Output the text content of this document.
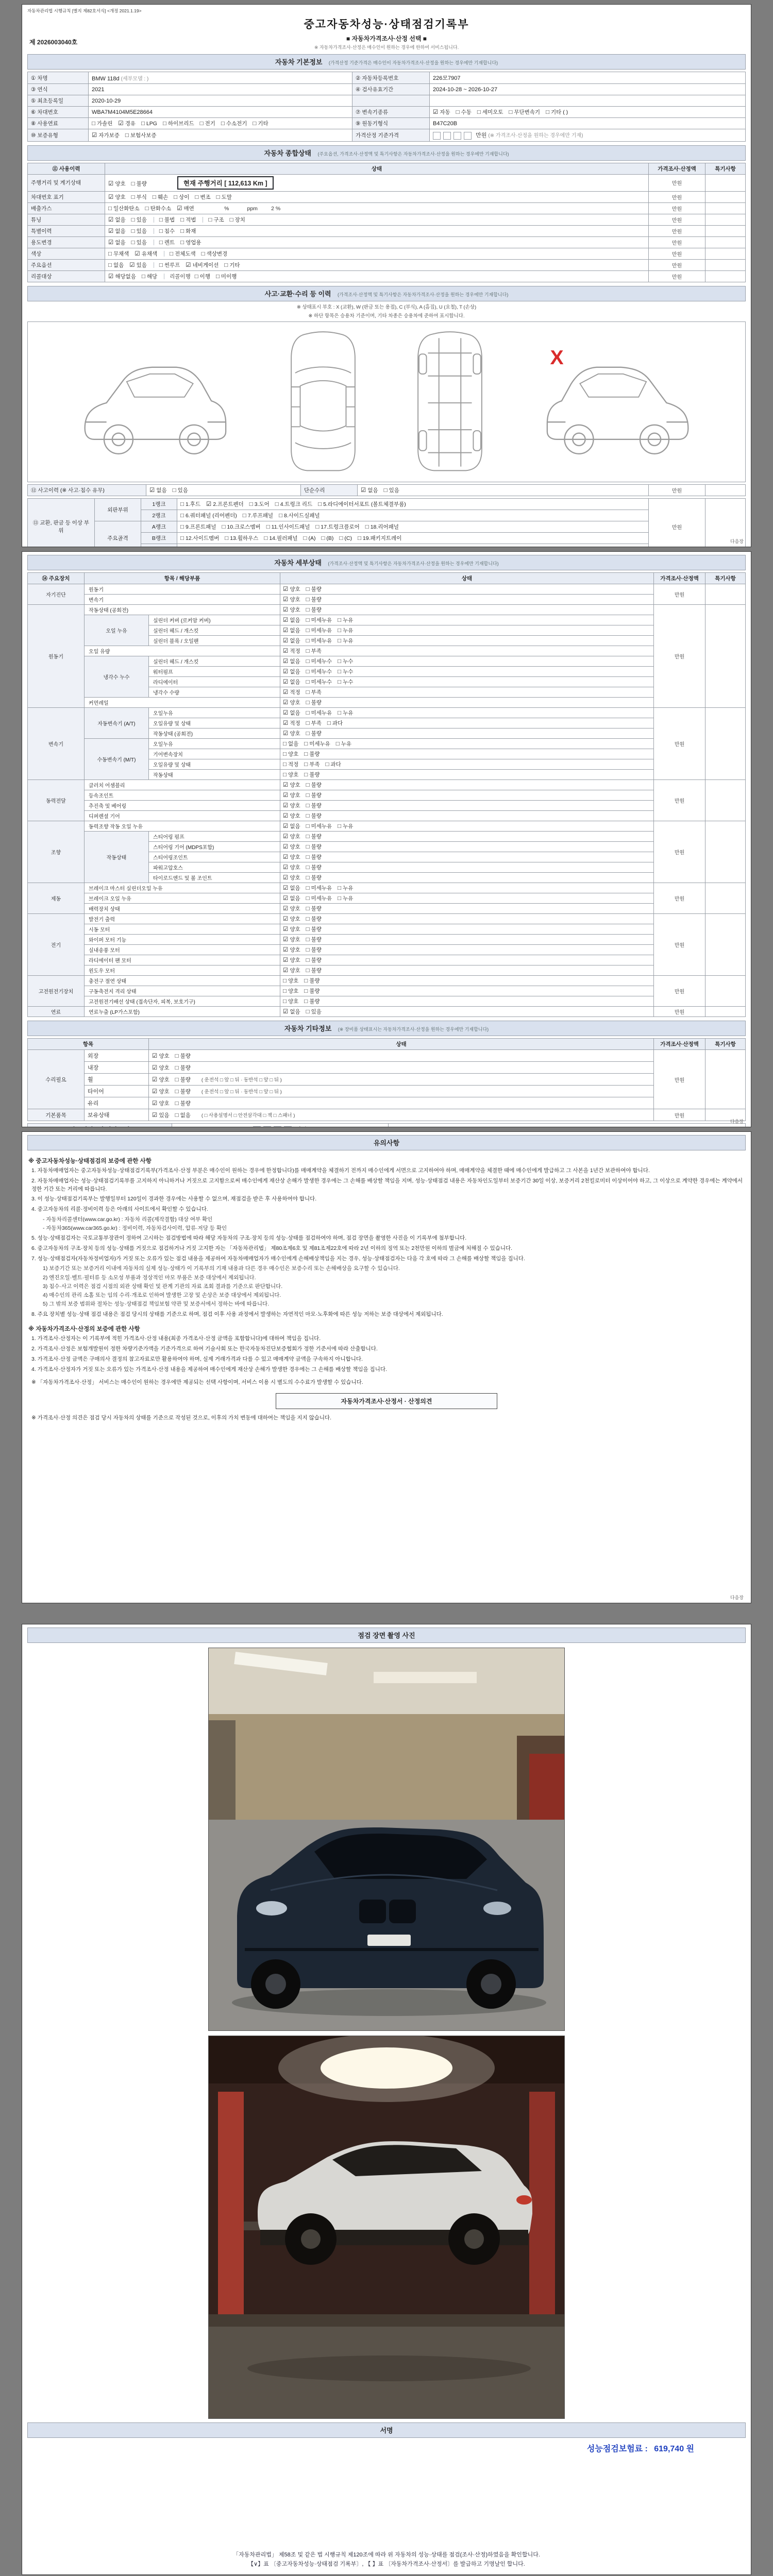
자동차관리법 시행규칙 [별지 제82호서식] <개정 2021.1.19>
중고자동차성능·상태점검기록부
■ 자동차가격조사·산정 선택 ■
※ 자동차가격조사·산정은 매수인이 원하는 경우에 한하여 서비스됩니다.
제 2026003040호
자동차 기본정보 (가격산정 기준가격은 매수인이 자동차가격조사·산정을 원하는 경우에만 기재합니다)
① 차명	BMW 118d (세부모델 : )	② 자동차등록번호	226모7907
③ 연식	2021	④ 검사유효기간	2024-10-28 ~ 2026-10-27
⑤ 최초등록일	2020-10-29		
⑥ 차대번호	WBA7M4104M5E28664	⑦ 변속기종류	☑ 자동 □ 수동 □ 세미오토 □ 무단변속기 □ 기타 ( )
⑧ 사용연료	□ 가솔린 ☑ 경유 □ LPG □ 하이브리드 □ 전기 □ 수소전기 □ 기타	⑨ 원동기형식	B47C20B
⑩ 보증유형	☑ 자가보증 □ 보험사보증	가격산정 기준가격	만원 (※ 가격조사·산정을 원하는 경우에만 기재)
자동차 종합상태 (주요옵션, 가격조사·산정액 및 특기사항은 자동차가격조사·산정을 원하는 경우에만 기재합니다)
⑪ 사용이력	상태	가격조사·산정액	특기사항
주행거리 및 계기상태	☑ 양호 □ 불량 현재 주행거리 [ 112,613 Km ]	만원	
차대번호 표기	☑ 양호 □ 부식 □ 훼손 □ 상이 □ 변조 □ 도말	만원	
배출가스	□ 일산화탄소 □ 탄화수소 ☑ 매연 %            ppm         2 %	만원	
튜닝	☑ 없음 □ 있음 □ 불법 □ 적법 □ 구조 □ 장치	만원	
특별이력	☑ 없음 □ 있음 □ 침수 □ 화재	만원	
용도변경	☑ 없음 □ 있음 □ 렌트 □ 영업용	만원	
색상	□ 무채색 ☑ 유채색 □ 전체도색 □ 색상변경	만원	
주요옵션	□ 없음 ☑ 있음 □ 썬루프 ☑ 네비게이션 □ 기타	만원	
리콜대상	☑ 해당없음 □ 해당 리콜이행 □ 이행 □ 미이행	만원	
사고·교환·수리 등 이력 (가격조사·산정액 및 특기사항은 자동차가격조사·산정을 원하는 경우에만 기재합니다)
※ 상태표시 부호 : X (교환), W (판금 또는 용접), C (부식), A (흠집), U (요철), T (손상)
※ 하단 항목은 승용차 기준이며, 기타 차종은 승용차에 준하여 표시합니다.
X
⑫ 사고이력 (※ 사고·침수 유무)	☑ 없음 □ 있음	단순수리	☑ 없음 □ 있음	만원	
⑬ 교환, 판금 등 이상 부위	외판부위	1랭크	□ 1.후드 ☑ 2.프론트펜더 □ 3.도어 □ 4.트렁크 리드 □ 5.라디에이터서포트 (볼트체결부품)	만원	
		2랭크	□ 6.쿼터패널 (리어펜더) □ 7.루프패널 □ 8.사이드실패널		
	주요골격	A랭크	□ 9.프론트패널 □ 10.크로스멤버 □ 11.인사이드패널 □ 17.트렁크플로어 □ 18.리어패널		
		B랭크	□ 12.사이드멤버 □ 13.휠하우스 □ 14.필러패널 □ (A) □ (B) □ (C) □ 19.패키지트레이		

다음장
자동차 세부상태 (가격조사·산정액 및 특기사항은 자동차가격조사·산정을 원하는 경우에만 기재합니다)
⑭ 주요장치	항목 / 해당부품		상태	가격조사·산정액	특기사항
자기진단	원동기		☑ 양호 □ 불량	만원	
	변속기		☑ 양호 □ 불량		
원동기	작동상태 (공회전)		☑ 양호 □ 불량	만원	
	오일 누유	실린더 커버 (로커암 커버)	☑ 없음 □ 미세누유 □ 누유		
		실린더 헤드 / 개스킷	☑ 없음 □ 미세누유 □ 누유		
		실린더 블록 / 오일팬	☑ 없음 □ 미세누유 □ 누유		
	오일 유량		☑ 적정 □ 부족		
	냉각수 누수	실린더 헤드 / 개스킷	☑ 없음 □ 미세누수 □ 누수		
		워터펌프	☑ 없음 □ 미세누수 □ 누수		
		라디에이터	☑ 없음 □ 미세누수 □ 누수		
		냉각수 수량	☑ 적정 □ 부족		
	커먼레일		☑ 양호 □ 불량		
변속기	자동변속기 (A/T)	오일누유	☑ 없음 □ 미세누유 □ 누유	만원	
		오일유량 및 상태	☑ 적정 □ 부족 □ 과다		
		작동상태 (공회전)	☑ 양호 □ 불량		
	수동변속기 (M/T)	오일누유	□ 없음 □ 미세누유 □ 누유		
		기어변속장치	□ 양호 □ 불량		
		오일유량 및 상태	□ 적정 □ 부족 □ 과다		
		작동상태	□ 양호 □ 불량		
동력전달	클러치 어셈블리		☑ 양호 □ 불량	만원	
	등속조인트		☑ 양호 □ 불량		
	추진축 및 베어링		☑ 양호 □ 불량		
	디퍼렌셜 기어		☑ 양호 □ 불량		
조향	동력조향 작동 오일 누유		☑ 없음 □ 미세누유 □ 누유	만원	
	작동상태	스티어링 펌프	☑ 양호 □ 불량		
		스티어링 기어 (MDPS포함)	☑ 양호 □ 불량		
		스티어링조인트	☑ 양호 □ 불량		
		파워고압호스	☑ 양호 □ 불량		
		타이로드엔드 및 볼 조인트	☑ 양호 □ 불량		
제동	브레이크 마스터 실린더오일 누유		☑ 없음 □ 미세누유 □ 누유	만원	
	브레이크 오일 누유		☑ 없음 □ 미세누유 □ 누유		
	배력장치 상태		☑ 양호 □ 불량		
전기	발전기 출력		☑ 양호 □ 불량	만원	
	시동 모터		☑ 양호 □ 불량		
	와이퍼 모터 기능		☑ 양호 □ 불량		
	실내송풍 모터		☑ 양호 □ 불량		
	라디에이터 팬 모터		☑ 양호 □ 불량		
	윈도우 모터		☑ 양호 □ 불량		
고전원전기장치	충전구 절연 상태		□ 양호 □ 불량	만원	
	구동축전지 격리 상태		□ 양호 □ 불량		
	고전원전기배선 상태 (접속단자, 피복, 보호기구)		□ 양호 □ 불량		
연료	연료누출 (LP가스포함)		☑ 없음 □ 있음	만원	
자동차 기타정보 (※ 장비품 상태표시는 자동차가격조사·산정을 원하는 경우에만 기재합니다)
항목		상태	가격조사·산정액	특기사항
수리필요	외장	☑ 양호 □ 불량	만원	
	내장	☑ 양호 □ 불량		
	휠	☑ 양호 □ 불량 ( 운전석 □ 앞 □ 뒤 · 동반석 □ 앞 □ 뒤 )		
	타이어	☑ 양호 □ 불량 ( 운전석 □ 앞 □ 뒤 · 동반석 □ 앞 □ 뒤 )		
	유리	☑ 양호 □ 불량		
기본품목	보유상태	☑ 있음 □ 없음 ( □ 사용설명서 □ 안전삼각대 □ 잭 □ 스패너 )	만원	

다음장
유의사항
※ 중고자동차성능·상태점검의 보증에 관한 사항
1. 자동차매매업자는 중고자동차성능·상태점검기록부(가격조사·산정 부분은 매수인이 원하는 경우에 한정합니다)를 매매계약을 체결하기 전까지 매수인에게 서면으로 고지하여야 하며, 매매계약을 체결한 때에 매수인에게 발급하고 그 사본을 1년간 보관하여야 합니다.
2. 자동차매매업자는 성능·상태점검기록부를 고지하지 아니하거나 거짓으로 고지함으로써 매수인에게 재산상 손해가 발생한 경우에는 그 손해를 배상할 책임을 지며, 성능·상태점검 내용은 자동차인도일부터 보증기간 30일 이상, 보증거리 2천킬로미터 이상이어야 하고, 그 이상으로 계약한 경우에는 계약에서 정한 기간 또는 거리에 따릅니다.
3. 이 성능·상태점검기록부는 발행일부터 120일이 경과한 경우에는 사용할 수 없으며, 재점검을 받은 후 사용하여야 합니다.
4. 중고자동차의 리콜·정비이력 등은 아래의 사이트에서 확인할 수 있습니다.
- 자동차리콜센터(www.car.go.kr) : 자동차 리콜(제작결함) 대상 여부 확인
- 자동차365(www.car365.go.kr) : 정비이력, 자동차검사이력, 압류·저당 등 확인
5. 성능·상태점검자는 국토교통부장관이 정하여 고시하는 점검방법에 따라 해당 자동차의 구조·장치 등의 성능·상태를 점검하여야 하며, 점검 장면을 촬영한 사진을 이 기록부에 첨부합니다.
6. 중고자동차의 구조·장치 등의 성능·상태를 거짓으로 점검하거나 거짓 고지한 자는 「자동차관리법」 제80조제6호 및 제81조제22호에 따라 2년 이하의 징역 또는 2천만원 이하의 벌금에 처해질 수 있습니다.
7. 성능·상태점검자(자동차정비업자)가 거짓 또는 오류가 있는 점검 내용을 제공하여 자동차매매업자가 매수인에게 손해배상책임을 지는 경우, 성능·상태점검자는 다음 각 호에 따라 그 손해를 배상할 책임을 집니다.
1) 보증기간 또는 보증거리 이내에 자동차의 실제 성능·상태가 이 기록부의 기재 내용과 다른 경우 매수인은 보증수리 또는 손해배상을 요구할 수 있습니다.
2) 엔진오일·벨트·필터류 등 소모성 부품과 정상적인 마모 부품은 보증 대상에서 제외됩니다.
3) 침수·사고 이력은 점검 시점의 외관 상태 확인 및 관계 기관의 자료 조회 결과를 기준으로 판단합니다.
4) 매수인의 관리 소홀 또는 임의 수리·개조로 인하여 발생한 고장 및 손상은 보증 대상에서 제외됩니다.
5) 그 밖의 보증 범위와 절차는 성능·상태점검 책임보험 약관 및 보증서에서 정하는 바에 따릅니다.
8. 주요 장치별 성능·상태 점검 내용은 점검 당시의 상태를 기준으로 하며, 점검 이후 사용 과정에서 발생하는 자연적인 마모·노후화에 따른 성능 저하는 보증 대상에서 제외됩니다.
※ 자동차가격조사·산정의 보증에 관한 사항
1. 가격조사·산정자는 이 기록부에 적힌 가격조사·산정 내용(최종 가격조사·산정 금액을 포함합니다)에 대하여 책임을 집니다.
2. 가격조사·산정은 보험개발원이 정한 차량기준가액을 기준가격으로 하여 기술사회 또는 한국자동차진단보증협회가 정한 기준서에 따라 산출합니다.
3. 가격조사·산정 금액은 구매의사 결정의 참고자료로만 활용하여야 하며, 실제 거래가격과 다를 수 있고 매매계약 금액을 구속하지 아니합니다.
4. 가격조사·산정자가 거짓 또는 오류가 있는 가격조사·산정 내용을 제공하여 매수인에게 재산상 손해가 발생한 경우에는 그 손해를 배상할 책임을 집니다.
※ 「자동차가격조사·산정」 서비스는 매수인이 원하는 경우에만 제공되는 선택 사항이며, 서비스 이용 시 별도의 수수료가 발생할 수 있습니다.
자동차가격조사·산정서 · 산정의견
※ 가격조사·산정 의견은 점검 당시 자동차의 상태를 기준으로 작성된 것으로, 이후의 가치 변동에 대하여는 책임을 지지 않습니다.
다음장
점검 장면 촬영 사진
서명
성능점검보험료 : 619,740 원
「자동차관리법」 제58조 및 같은 법 시행규칙 제120조에 따라 위 자동차의 성능·상태를 점검(조사·산정)하였음을 확인합니다.
【∨】표 〔중고자동차성능·상태점검 기록부〕, 【 】표 〔자동차가격조사·산정서〕를 발급하고 기명날인 합니다.
